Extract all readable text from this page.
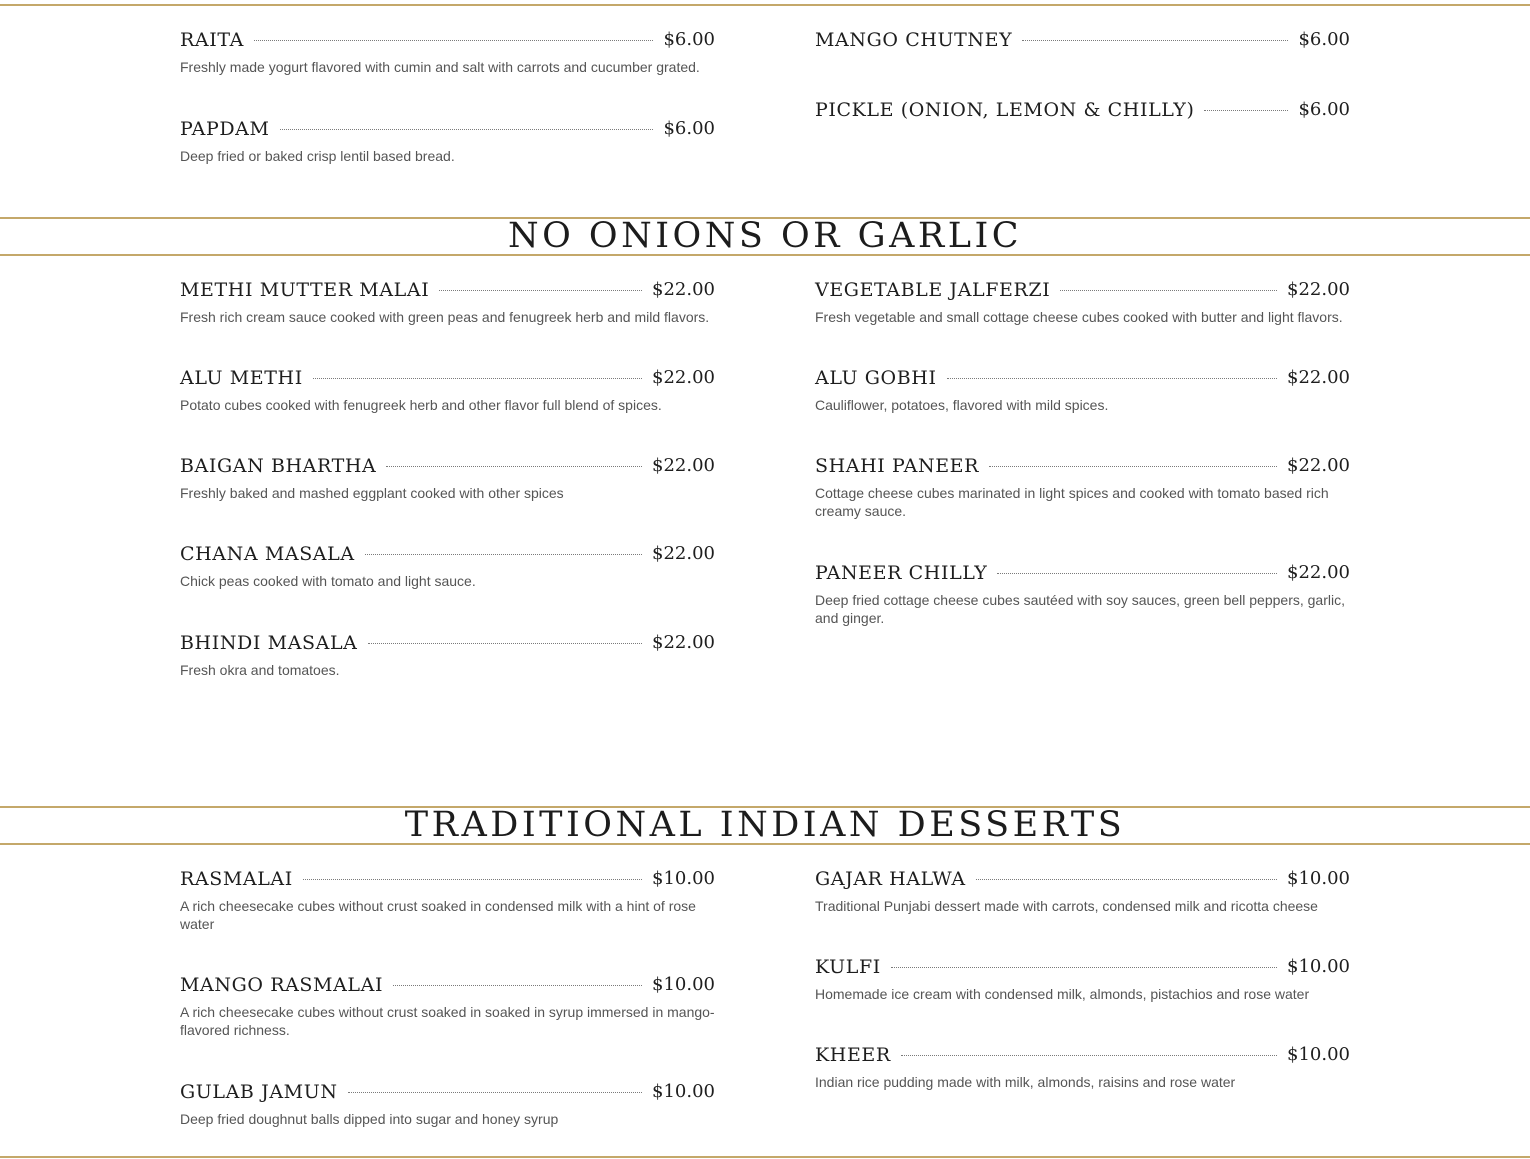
NO ONIONS OR GARLIC
TRADITIONAL INDIAN DESSERTS
RAITA	$6.00
Freshly made yogurt flavored with cumin and salt with carrots and cucumber grated.
PAPDAM	$6.00
Deep fried or baked crisp lentil based bread.
MANGO CHUTNEY	$6.00
PICKLE (ONION, LEMON & CHILLY)	$6.00
METHI MUTTER MALAI	$22.00
Fresh rich cream sauce cooked with green peas and fenugreek herb and mild flavors.
ALU METHI	$22.00
Potato cubes cooked with fenugreek herb and other flavor full blend of spices.
BAIGAN BHARTHA	$22.00
Freshly baked and mashed eggplant cooked with other spices
CHANA MASALA	$22.00
Chick peas cooked with tomato and light sauce.
BHINDI MASALA	$22.00
Fresh okra and tomatoes.
VEGETABLE JALFERZI	$22.00
Fresh vegetable and small cottage cheese cubes cooked with butter and light flavors.
ALU GOBHI	$22.00
Cauliflower, potatoes, flavored with mild spices.
SHAHI PANEER	$22.00
Cottage cheese cubes marinated in light spices and cooked with tomato based rich creamy sauce.
PANEER CHILLY	$22.00
Deep fried cottage cheese cubes sautéed with soy sauces, green bell peppers, garlic, and ginger.
RASMALAI	$10.00
A rich cheesecake cubes without crust soaked in condensed milk with a hint of rose water
MANGO RASMALAI	$10.00
A rich cheesecake cubes without crust soaked in soaked in syrup immersed in mango-flavored richness.
GULAB JAMUN	$10.00
Deep fried doughnut balls dipped into sugar and honey syrup
GAJAR HALWA	$10.00
Traditional Punjabi dessert made with carrots, condensed milk and ricotta cheese
KULFI	$10.00
Homemade ice cream with condensed milk, almonds, pistachios and rose water
KHEER	$10.00
Indian rice pudding made with milk, almonds, raisins and rose water
